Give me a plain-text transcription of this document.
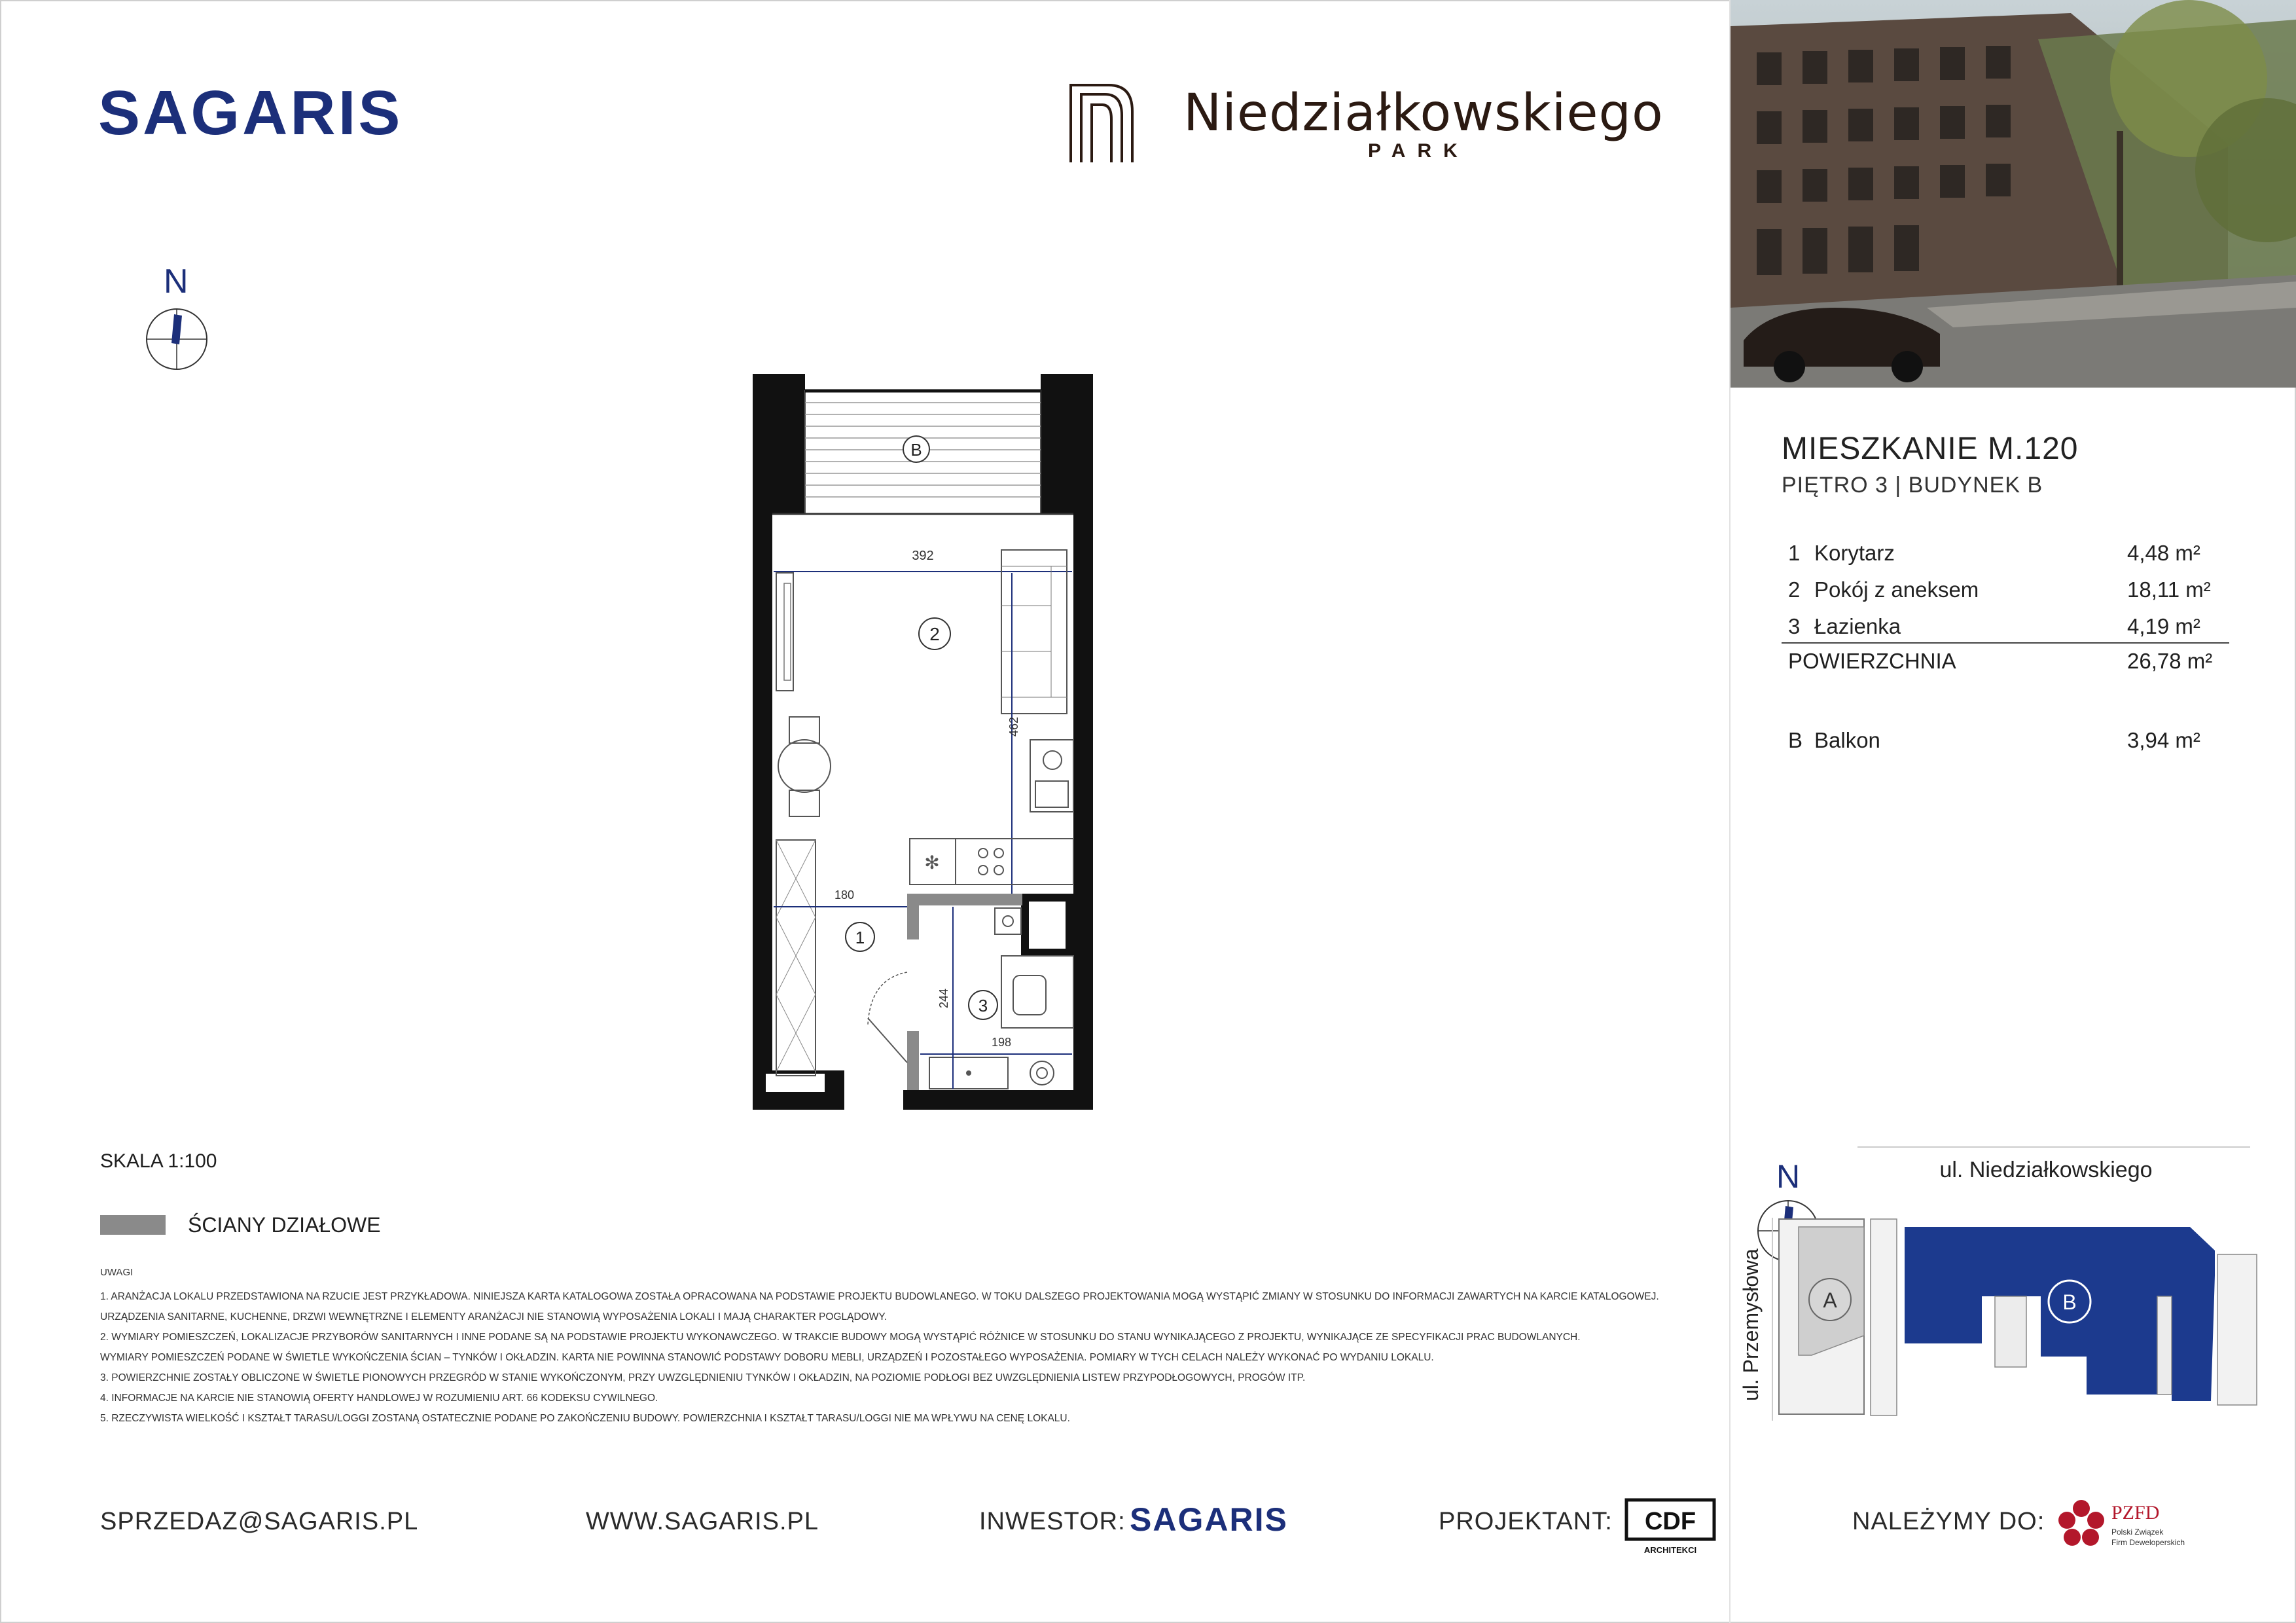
SAGARIS	Niedziałkowskiego
PARK
N
B
392
462
2
✻
180
1
244
198
3
SKALA 1:100
ŚCIANY DZIAŁOWE
UWAGI
1. ARANŻACJA LOKALU PRZEDSTAWIONA NA RZUCIE JEST PRZYKŁADOWA. NINIEJSZA KARTA KATALOGOWA ZOSTAŁA OPRACOWANA NA PODSTAWIE PROJEKTU BUDOWLANEGO. W TOKU DALSZEGO PROJEKTOWANIA MOGĄ WYSTĄPIĆ ZMIANY W STOSUNKU DO INFORMACJI ZAWARTYCH NA KARCIE KATALOGOWEJ.
URZĄDZENIA SANITARNE, KUCHENNE, DRZWI WEWNĘTRZNE I ELEMENTY ARANŻACJI NIE STANOWIĄ WYPOSAŻENIA LOKALI I MAJĄ CHARAKTER POGLĄDOWY.
2. WYMIARY POMIESZCZEŃ, LOKALIZACJE PRZYBORÓW SANITARNYCH I INNE PODANE SĄ NA PODSTAWIE PROJEKTU WYKONAWCZEGO. W TRAKCIE BUDOWY MOGĄ WYSTĄPIĆ RÓŻNICE W STOSUNKU DO STANU WYNIKAJĄCEGO Z PROJEKTU, WYNIKAJĄCE ZE SPECYFIKACJI PRAC BUDOWLANYCH.
WYMIARY POMIESZCZEŃ PODANE W ŚWIETLE WYKOŃCZENIA ŚCIAN – TYNKÓW I OKŁADZIN. KARTA NIE POWINNA STANOWIĆ PODSTAWY DOBORU MEBLI, URZĄDZEŃ I POZOSTAŁEGO WYPOSAŻENIA. POMIARY W TYCH CELACH NALEŻY WYKONAĆ PO WYDANIU LOKALU.
3. POWIERZCHNIE ZOSTAŁY OBLICZONE W ŚWIETLE PIONOWYCH PRZEGRÓD W STANIE WYKOŃCZONYM, PRZY UWZGLĘDNIENIU TYNKÓW I OKŁADZIN, NA POZIOMIE PODŁOGI BEZ UWZGLĘDNIENIA LISTEW PRZYPODŁOGOWYCH, PROGÓW ITP.
4. INFORMACJE NA KARCIE NIE STANOWIĄ OFERTY HANDLOWEJ W ROZUMIENIU ART. 66 KODEKSU CYWILNEGO.
5. RZECZYWISTA WIELKOŚĆ I KSZTAŁT TARASU/LOGGI ZOSTANĄ OSTATECZNIE PODANE PO ZAKOŃCZENIU BUDOWY. POWIERZCHNIA I KSZTAŁT TARASU/LOGGI NIE MA WPŁYWU NA CENĘ LOKALU.
MIESZKANIE M.120
PIĘTRO 3 | BUDYNEK B
1 Korytarz	4,48 m²
2 Pokój z aneksem	18,11 m²
3 Łazienka	4,19 m²
POWIERZCHNIA	26,78 m²
B Balkon	3,94 m²
N	ul. Niedziałkowskiego
ul. Przemysłowa	A	B
SPRZEDAZ@SAGARIS.PL	WWW.SAGARIS.PL	INWESTOR: SAGARIS	PROJEKTANT: CDF
ARCHITEKCI
NALEŻYMY DO:	PZFD
Polski Związek
Firm Deweloperskich
